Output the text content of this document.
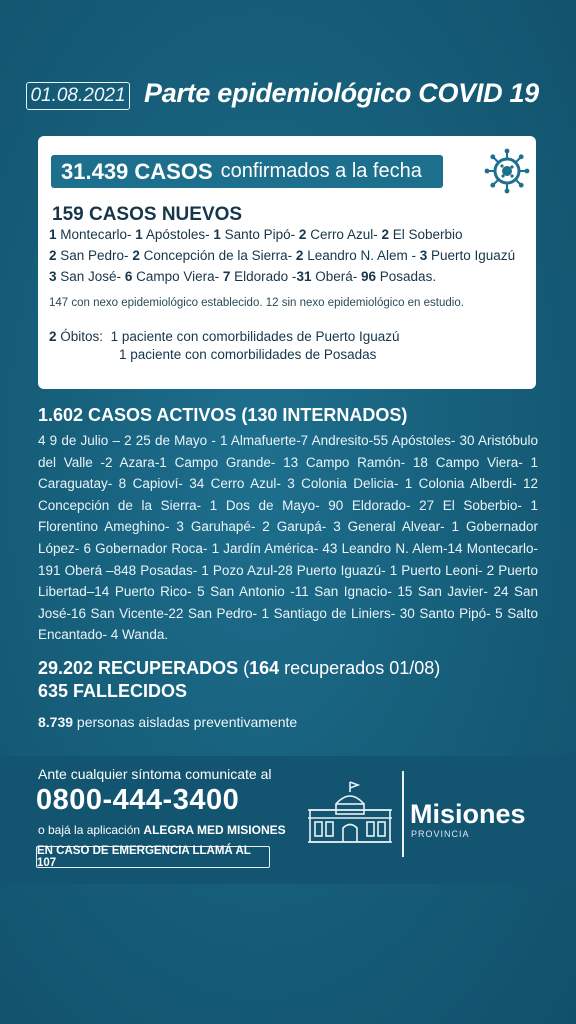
01.08.2021 Parte epidemiológico COVID 19
31.439 CASOS confirmados a la fecha
159 CASOS NUEVOS
1 Montecarlo- 1 Apóstoles- 1 Santo Pipó- 2 Cerro Azul- 2 El Soberbio
2 San Pedro- 2 Concepción de la Sierra- 2 Leandro N. Alem - 3 Puerto Iguazú
3 San José- 6 Campo Viera- 7 Eldorado -31 Oberá- 96 Posadas.
147 con nexo epidemiológico establecido. 12 sin nexo epidemiológico en estudio.
2 Óbitos: 1 paciente con comorbilidades de Puerto Iguazú
1 paciente con comorbilidades de Posadas
1.602 CASOS ACTIVOS (130 INTERNADOS)
4 9 de Julio – 2 25 de Mayo - 1 Almafuerte-7 Andresito-55 Apóstoles- 30 Aristóbulo del Valle -2 Azara-1 Campo Grande- 13 Campo Ramón- 18 Campo Viera- 1 Caraguatay- 8 Capioví- 34 Cerro Azul- 3 Colonia Delicia- 1 Colonia Alberdi- 12 Concepción de la Sierra- 1 Dos de Mayo- 90 Eldorado- 27 El Soberbio- 1 Florentino Ameghino- 3 Garuhapé- 2 Garupá- 3 General Alvear- 1 Gobernador López- 6 Gobernador Roca- 1 Jardín América- 43 Leandro N. Alem-14 Montecarlo-191 Oberá –848 Posadas- 1 Pozo Azul-28 Puerto Iguazú- 1 Puerto Leoni- 2 Puerto Libertad–14 Puerto Rico- 5 San Antonio -11 San Ignacio- 15 San Javier- 24 San José-16 San Vicente-22 San Pedro- 1 Santiago de Liniers- 30 Santo Pipó- 5 Salto Encantado- 4 Wanda.
29.202 RECUPERADOS (164 recuperados 01/08)
635 FALLECIDOS
8.739 personas aisladas preventivamente
Ante cualquier síntoma comunicate al
0800-444-3400
o bajá la aplicación ALEGRA MED MISIONES
EN CASO DE EMERGENCIA LLAMÁ AL 107
Misiones
PROVINCIA
